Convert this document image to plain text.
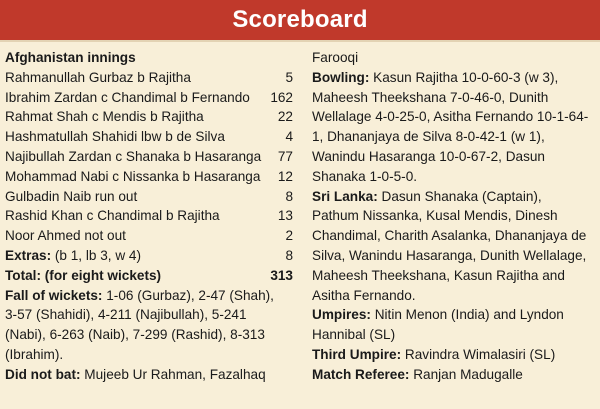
Scoreboard
Afghanistan innings
Rahmanullah Gurbaz b Rajitha	5
Ibrahim Zardan c Chandimal b Fernando 162
Rahmat Shah c Mendis b Rajitha	22
Hashmatullah Shahidi lbw b de Silva	4
Najibullah Zardan c Shanaka b Hasaranga 77
Mohammad Nabi c Nissanka b Hasaranga 12
Gulbadin Naib run out	8
Rashid Khan c Chandimal b Rajitha	13
Noor Ahmed not out	2
Extras: (b 1, lb 3, w 4)	8
Total: (for eight wickets)	313
Fall of wickets: 1-06 (Gurbaz), 2-47 (Shah),
3-57 (Shahidi), 4-211 (Najibullah), 5-241
(Nabi), 6-263 (Naib), 7-299 (Rashid), 8-313
(Ibrahim).
Did not bat: Mujeeb Ur Rahman, Fazalhaq
Farooqi
Bowling: Kasun Rajitha 10-0-60-3 (w 3),
Maheesh Theekshana 7-0-46-0, Dunith
Wellalage 4-0-25-0, Asitha Fernando 10-1-64-
1, Dhananjaya de Silva 8-0-42-1 (w 1),
Wanindu Hasaranga 10-0-67-2, Dasun
Shanaka 1-0-5-0.
Sri Lanka: Dasun Shanaka (Captain),
Pathum Nissanka, Kusal Mendis, Dinesh
Chandimal, Charith Asalanka, Dhananjaya de
Silva, Wanindu Hasaranga, Dunith Wellalage,
Maheesh Theekshana, Kasun Rajitha and
Asitha Fernando.
Umpires: Nitin Menon (India) and Lyndon
Hannibal (SL)
Third Umpire: Ravindra Wimalasiri (SL)
Match Referee: Ranjan Madugalle
